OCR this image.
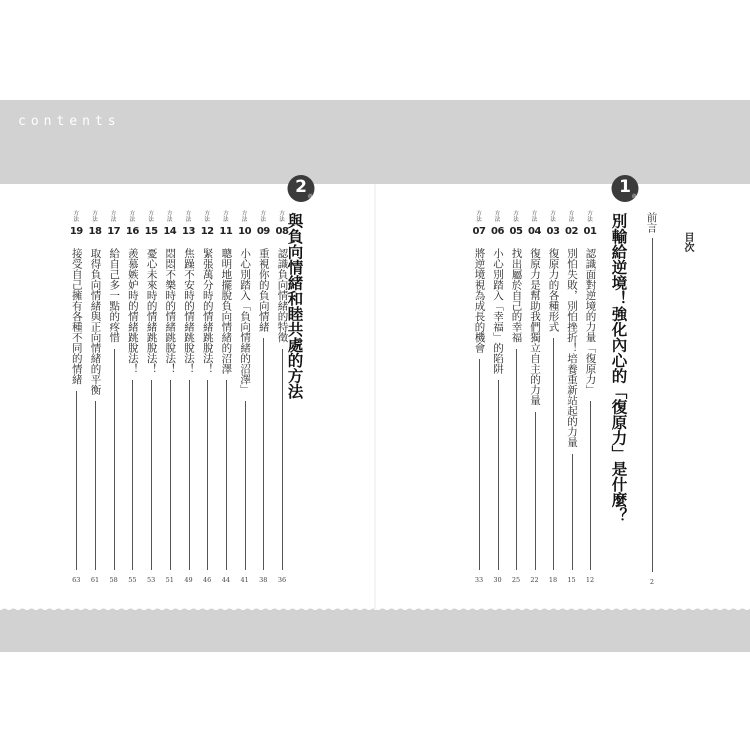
contents
目次
前言
2
1 章
別輸給逆境！強化內心的「復原力」是什麼？
方
法
01
認識面對逆境的力量「復原力」
12
方
法
02
別怕失敗，別怕挫折！培養重新站起的力量
15
方
法
03
復原力的各種形式
18
方
法
04
復原力是幫助我們獨立自主的力量
22
方
法
05
找出屬於自己的幸福
25
方
法
06
小心別踏入「幸福」的陷阱
30
方
法
07
將逆境視為成長的機會
33
2 章
與負向情緒和睦共處的方法
方
法
08
認識負向情緒的特徵
36
方
法
09
重視你的負向情緒
38
方
法
10
小心別踏入「負向情緒的沼澤」
41
方
法
11
聰明地擺脫負向情緒的沼澤
44
方
法
12
緊張萬分時的情緒跳脫法！
46
方
法
13
焦躁不安時的情緒跳脫法！
49
方
法
14
悶悶不樂時的情緒跳脫法！
51
方
法
15
憂心未來時的情緒跳脫法！
53
方
法
16
羨慕嫉妒時的情緒跳脫法！
55
方
法
17
給自己多一點的疼惜
58
方
法
18
取得負向情緒與正向情緒的平衡
61
方
法
19
接受自己擁有各種不同的情緒
63
